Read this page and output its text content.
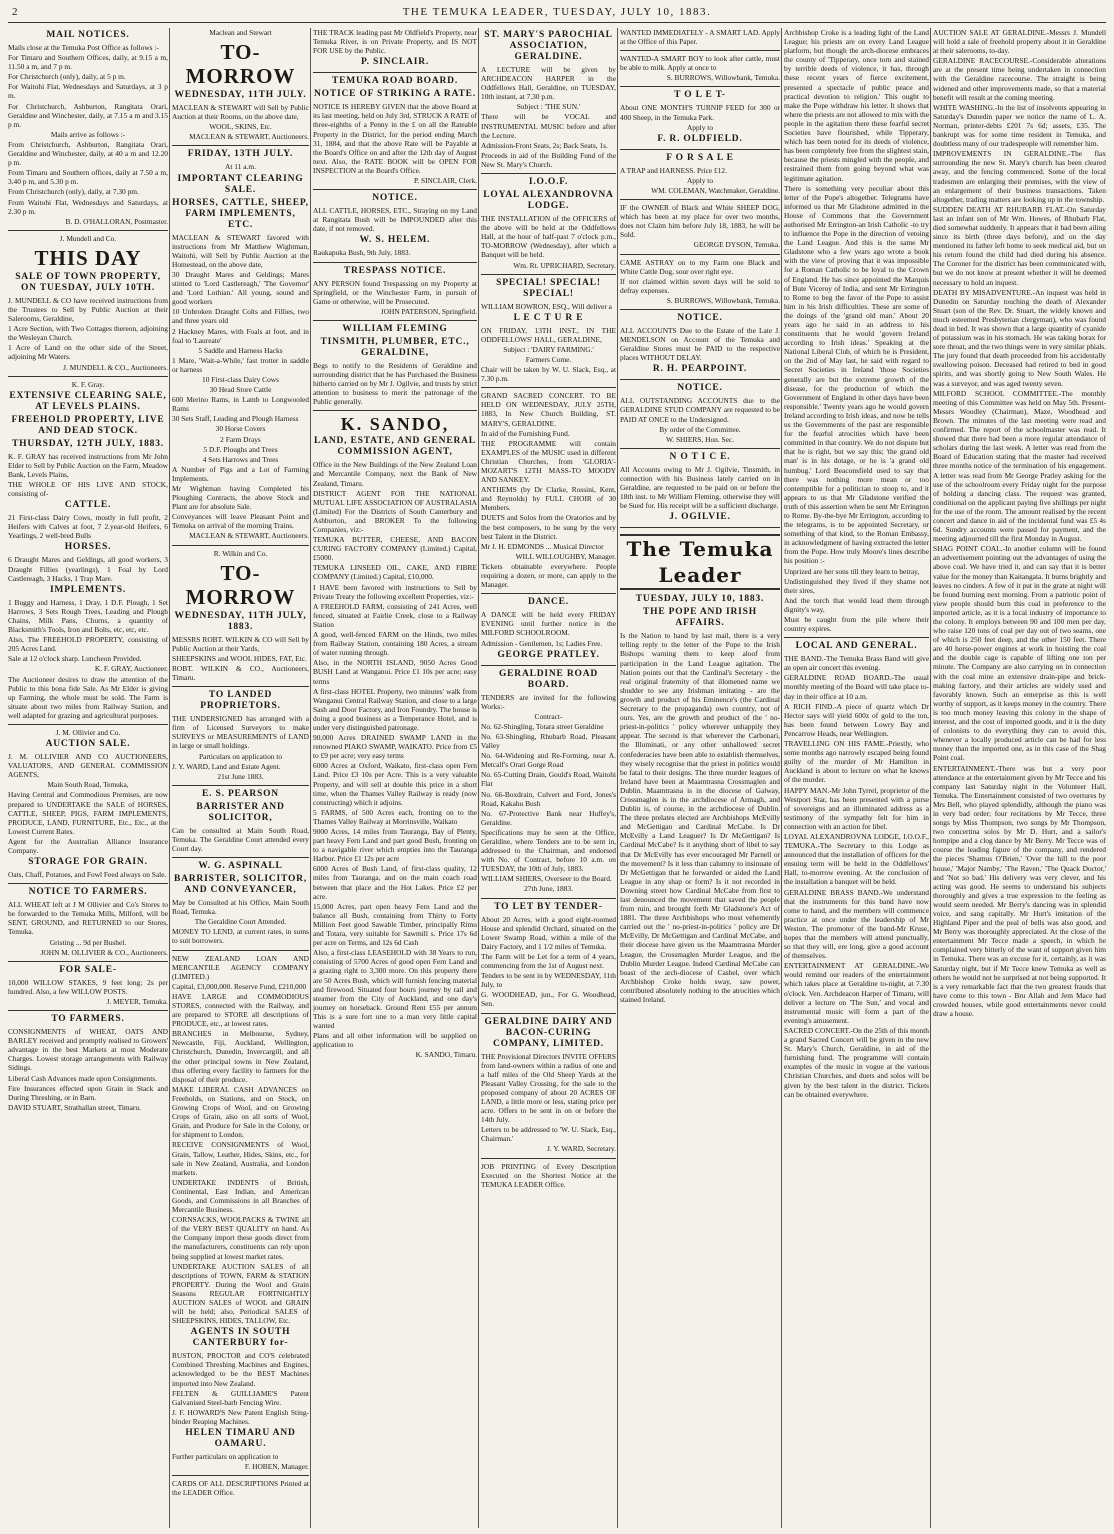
2	THE TEMUKA LEADER, TUESDAY, JULY 10, 1883.

MAIL NOTICES.

Mails close at the Temuka Post Office as follows :-

For Timaru and Southern Offices, daily, at 9.15 a m, 11.50 a m, and 7 p m.

For Christchurch (only), daily, at 5 p m.

For Waitohi Flat, Wednesdays and Saturdays, at 3 p m.

For Christchurch, Ashburton, Rangitata Orari, Geraldine and Winchester, daily, at 7.15 a m and 3.15 p m.

Mails arrive as follows :-

From Christchurch, Ashburton, Rangitata Orari, Geraldine and Winchester, daily, at 40 a m and 12.20 p m.

From Timaru and Southern offices, daily at 7.50 a m, 3.40 p m, and 5.30 p m.

From Christchurch (only), daily, at 7.30 pm.

From Waitohi Flat, Wednesdays and Saturdays, at 2.30 p m.

B. D. O'HALLORAN, Postmaster.

J. Mundell and Co.

THIS DAY

SALE OF TOWN PROPERTY, ON TUESDAY, JULY 10TH.

J. MUNDELL & CO have received instructions from the Trustees to Sell by Public Auction at their Salerooms, Geraldine,

1 Acre Section, with Two Cottages thereon, adjoining the Wesleyan Church.

1 Acre of Land on the other side of the Street, adjoining Mr Waters.

J. MUNDELL & CO., Auctioneers.

K. F. Gray.

EXTENSIVE CLEARING SALE, AT LEVELS PLAINS.

FREEHOLD PROPERTY, LIVE AND DEAD STOCK.

THURSDAY, 12TH JULY, 1883.

K. F. GRAY has received instructions from Mr John Elder to Sell by Public Auction on the Farm, Meadow Bank, Levels Plains,

THE WHOLE OF HIS LIVE AND STOCK, consisting of-

CATTLE.

21 First-class Dairy Cows, mostly in full profit, 2 Heifers with Calves at foot, 7 2.year-old Heifers, 6 Yearlings, 2 well-bred Bulls

HORSES.

6 Draught Mares and Geldings, all good workers, 3 Draught Fillies (yearlings), 1 Foal by Lord Castlereagh, 3 Hacks, 1 Trap Mare.

IMPLEMENTS.

1 Buggy and Harness, 1 Dray, 1 D.F. Plough, 1 Set Harrows, 3 Sets Rough Trees, Leading and Plough Chains, Milk Pans, Churns, a quantity of Blacksmith's Tools, Iron and Bolts, etc, etc, etc.

Also, The FREEHOLD PROPERTY, consisting of 205 Acres Land.

Sale at 12 o'clock sharp. Luncheon Provided.

K. F. GRAY, Auctioneer.

The Auctioneer desires to draw the attention of the Public to this bona fide Sale. As Mr Elder is giving up Farming, the whole must be sold. The Farm is situate about two miles from Railway Station, and well adapted for grazing and agricultural purposes.

J. M. Ollivier and Co.

AUCTION SALE.

J. M. OLLIVIER AND CO AUCTIONEERS, VALUATORS, AND GENERAL COMMISSION AGENTS,

Main South Road, Temuka,

Having Central and Commodious Premises, are now prepared to UNDERTAKE the SALE of HORSES, CATTLE, SHEEP, PIGS, FARM IMPLEMENTS, PRODUCE, LAND, FURNITURE, Etc., Etc., at the Lowest Current Rates.

Agent for the Australian Alliance Insurance Company.

STORAGE FOR GRAIN.

Oats, Chaff, Potatoes, and Fowl Feed always on Sale.

NOTICE TO FARMERS.

ALL WHEAT left at J M Ollivier and Co's Stores to be forwarded to the Temuka Mills, Milford, will be SENT, GROUND, and RETURNED to our Stores, Temuka.

Gristing ... 9d per Bushel.

JOHN M. OLLIVIER & CO., Auctioneers.

FOR SALE-

10,000 WILLOW STAKES, 9 feet long; 2s per hundred. Also, a few WILLOW POSTS.

J. MEYER, Temuka.

TO FARMERS.

CONSIGNMENTS of WHEAT, OATS AND BARLEY received and promptly realised to Growers' advantage in the best Markets at most Moderate Charges. Lowest storage arrangements with Railway Sidings.

Liberal Cash Advances made upon Consignments.

Fire Insurances effected upon Grain in Stack and During Threshing, or in Barn.

DAVID STUART, Strathallan street, Timaru.

Maclean and Stewart

TO-MORROW

WEDNESDAY, 11TH JULY.

MACLEAN & STEWART will Sell by Public Auction at their Rooms, on the above date,

WOOL, SKINS, Etc.

MACLEAN & STEWART, Auctioneers.

FRIDAY, 13TH JULY.

At 11 a.m.

IMPORTANT CLEARING SALE.

HORSES, CATTLE, SHEEP, FARM IMPLEMENTS, ETC.

MACLEAN & STEWART favored with instructions from Mr Matthew Wightman, Waitohi, will Sell by Public Auction at the Homestead, on the above date,

30 Draught Mares and Geldings; Mares stinted to 'Lord Castlereagh,' 'The Governor' and 'Lord Lothian.' All young, sound and good workers

10 Unbroken Draught Colts and Fillies, two and three years old

2 Hackney Mares, with Foals at foot, and in foal to 'Laureate'

5 Saddle and Harness Hacks

1 Mare, 'Wait-a-While,' fast trotter in saddle or harness

10 First-class Dairy Cows

30 Head Store Cattle

600 Merino Rams, in Lamb to Longwooled Rams

30 Sets Staff, Leading and Plough Harness

30 Horse Covers

2 Farm Drays

5 D.F. Ploughs and Trees

4 Sets Harrows and Trees

A Number of Pigs and a Lot of Farming Implements.

Mr Wightman having Completed his Ploughing Contracts, the above Stock and Plant are for absolute Sale.

Conveyances will leave Pleasant Point and Temuka on arrival of the morning Trains.

MACLEAN & STEWART, Auctioneers.

R. Wilkin and Co.

TO-MORROW

WEDNESDAY, 11TH JULY, 1883.

MESSRS ROBT. WILKIN & CO will Sell by Public Auction at their Yards,

SHEEPSKINS and WOOL HIDES, FAT, Etc.

ROBT. WILKIN & CO., Auctioneers, Timaru.

TO LANDED PROPRIETORS.

THE UNDERSIGNED has arranged with a firm of Licensed Surveyors to make SURVEYS or MEASUREMENTS of LAND in large or small holdings.

Particulars on application to

J. Y. WARD, Land and Estate Agent.

21st June 1883.

E. S. PEARSON

BARRISTER AND SOLICITOR,

Can be consulted at Main South Road, Temuka. The Geraldine Court attended every Court day.

W. G. ASPINALL

BARRISTER, SOLICITOR, AND CONVEYANCER,

May be Consulted at his Office, Main South Road, Temuka.

The Geraldine Court Attended.

MONEY TO LEND, at current rates, in sums to suit borrowers.

NEW ZEALAND LOAN AND MERCANTILE AGENCY COMPANY (LIMITED.)

Capital, £3,000,000. Reserve Fund, £210,000

HAVE LARGE and COMMODIOUS STORES, connected with the Railway, and are prepared to STORE all descriptions of PRODUCE, etc., at lowest rates.

BRANCHES in Melbourne, Sydney, Newcastle, Fiji, Auckland, Wellington, Christchurch, Dunedin, Invercargill, and all the other principal towns in New Zealand, thus offering every facility to farmers for the disposal of their produce.

MAKE LIBERAL CASH ADVANCES on Freeholds, on Stations, and on Stock, on Growing Crops of Wool, and on Growing Crops of Grain, also on all sorts of Wool, Grain, and Produce for Sale in the Colony, or for shipment to London.

RECEIVE CONSIGNMENTS of Wool, Grain, Tallow, Leather, Hides, Skins, etc., for sale in New Zealand, Australia, and London markets.

UNDERTAKE INDENTS of British, Continental, East Indian, and American Goods, and Commissions in all Branches of Mercantile Business.

CORNSACKS, WOOLPACKS & TWINE all of the VERY BEST QUALITY on hand. As the Company import these goods direct from the manufacturers, constituents can rely upon being supplied at lowest market rates.

UNDERTAKE AUCTION SALES of all descriptions of TOWN, FARM & STATION PROPERTY. During the Wool and Grain Seasons REGULAR FORTNIGHTLY AUCTION SALES of WOOL and GRAIN will be held; also, Periodical SALES of SHEEPSKINS, HIDES, TALLOW, Etc.

AGENTS IN SOUTH CANTERBURY for-

RUSTON, PROCTOR and CO'S celebrated Combined Threshing Machines and Engines, acknowledged to be the BEST Machines imported into New Zealand.

FELTEN & GUILLIAME'S Patent Galvanised Steel-barb Fencing Wire.

J. F. HOWARD'S New Patent English Sting-binder Reaping Machines.

HELEN TIMARU AND OAMARU.

Further particulars on application to

F. HOBEN, Manager.

CARDS OF ALL DESCRIPTIONS Printed at the LEADER Office.

THE TRACK leading past Mr Oldfield's Property, near Temuka River, is on Private Property, and IS NOT FOR USE by the Public.

P. SINCLAIR.

TEMUKA ROAD BOARD.

NOTICE OF STRIKING A RATE.

NOTICE IS HEREBY GIVEN that the above Board at its last meeting, held on July 3rd, STRUCK A RATE of three-eighths of a Penny in the £ on all the Rateable Property in the District, for the period ending March 31, 1884, and that the above Rate will be Payable at the Board's Office on and after the 12th day of August next. Also, the RATE BOOK will be OPEN FOR INSPECTION at the Board's Office.

P. SINCLAIR, Clerk.

NOTICE.

ALL CATTLE, HORSES, ETC., Straying on my Land at Rangitata Bush will be IMPOUNDED after this date, if not removed.

W. S. HELEM.

Raukapuka Bush, 9th July, 1883.

TRESPASS NOTICE.

ANY PERSON found Trespassing on my Property at Springfield, or the Winchester Farm, in pursuit of Game or otherwise, will be Prosecuted.

JOHN PATERSON, Springfield.

WILLIAM FLEMING

TINSMITH, PLUMBER, ETC., GERALDINE,

Begs to notify to the Residents of Geraldine and surrounding district that he has Purchased the Business hitherto carried on by Mr J. Ogilvie, and trusts by strict attention to business to merit the patronage of the Public generally.

K. SANDO,

LAND, ESTATE, AND GENERAL COMMISSION AGENT,

Office in the New Buildings of the New Zealand Loan and Mercantile Company, next the Bank of New Zealand, Timaru.

DISTRICT AGENT FOR THE NATIONAL MUTUAL LIFE ASSOCIATION OF AUSTRALASIA (Limited) For the Districts of South Canterbury and Ashburton, and BROKER To the following Companies, viz:-

TEMUKA BUTTER, CHEESE, AND BACON CURING FACTORY COMPANY (Limited.) Capital, £5000.

TEMUKA LINSEED OIL, CAKE, AND FIBRE COMPANY (Limited.) Capital, £10,000.

I HAVE been favored with instructions to Sell by Private Treaty the following excellent Properties, viz:-

A FREEHOLD FARM, consisting of 241 Acres, well fenced, situated at Fairlie Creek, close to a Railway Station

A good, well-fenced FARM on the Hinds, two miles from Railway Station, containing 180 Acres, a stream of water running through.

Also, in the NORTH ISLAND, 9050 Acres Good BUSH Land at Wanganui. Price £1 10s per acre; easy terms

A first-class HOTEL Property, two minutes' walk from Wanganui Central Railway Station, and close to a large Sash and Door Factory, and Iron Foundry. The house is doing a good business as a Temperance Hotel, and is under very distinguished patronage.

90,000 Acres DRAINED SWAMP LAND in the renowned PIAKO SWAMP, WAIKATO. Price from £5 to £9 per acre; very easy terms

6000 Acres at Oxford, Waikato, first-class open Fern Land. Price £3 10s per Acre. This is a very valuable Property, and will sell at double this price in a short time, when the Thames Valley Railway is ready (now constructing) which it adjoins.

5 FARMS, of 500 Acres each, fronting on to the Thames Valley Railway at Morrinsville, Waikato

9000 Acres, 14 miles from Tauranga, Bay of Plenty, part heavy Fern Land and part good Bush, fronting on to a navigable river which empties into the Tauranga Harbor. Price £1 12s per acre

6000 Acres of Bush Land, of first-class quality, 12 miles from Tauranga, and on the main coach road between that place and the Hot Lakes. Price £2 per acre.

15,000 Acres, part open heavy Fern Land and the balance all Bush, containing from Thirty to Forty Million Feet good Sawable Timber, principally Rimu and Totara, very suitable for Sawmill s. Price 17s 6d per acre on Terms, and 12s 6d Cash

Also, a first-class LEASEHOLD with 38 Years to run, consisting of 5700 Acres of good open Fern Land and a grazing right to 3,300 more. On this property there are 50 Acres Bush, which will furnish fencing material and firewood. Situated four hours journey by rail and steamer from the City of Auckland, and one day's journey on horseback. Ground Rent £55 per annum This is a sure fort une to a man very little capital wanted

Plans and all other information will be supplied on application to

K. SANDO, Timaru.

ST. MARY'S PAROCHIAL ASSOCIATION, GERALDINE.

A LECTURE will be given by ARCHDEACON HARPER in the Oddfellows Hall, Geraldine, on TUESDAY, 10th instant, at 7.30 p.m.

Subject : 'THE SUN.'

There will be VOCAL and INSTRUMENTAL MUSIC before and after the Lecture.

Admission-Front Seats, 2s; Back Seats, 1s.

Proceeds in aid of the Building Fund of the New St. Mary's Church.

I.O.O.F.

LOYAL ALEXANDROVNA LODGE.

THE INSTALLATION of the OFFICERS of the above will be held at the Oddfellows Hall, at the hour of half-past 7 o'clock p.m., TO-MORROW (Wednesday), after which a Banquet will be held.

Wm. Rt. UPRICHARD, Secretary.

SPECIAL! SPECIAL! SPECIAL!

WILLIAM BOWRON, ESQ., Will deliver a

L E C T U R E

ON FRIDAY, 13TH INST., IN THE ODDFELLOWS' HALL, GERALDINE,

Subject : 'DAIRY FARMING.'

Farmers Come.

Chair will be taken by W. U. Slack, Esq., at 7.30 p.m.

GRAND SACRED CONCERT. TO BE HELD ON WEDNESDAY, JULY 25TH, 1883, In New Church Building, ST. MARY'S, GERALDINE.

In aid of the Furnishing Fund.

THE PROGRAMME will contain EXAMPLES of the MUSIC used in different Christian Churches, from 'GLORIA'-MOZART'S 12TH MASS-TO MOODY AND SANKEY.

ANTHEMS (by Dr Clarke, Rossini, Kent, and Reynolds) by FULL CHOIR of 30 Members.

DUETS and Solos from the Oratorios and by the best composers, to be sung by the very best Talent in the District.

Mr J. H. EDMONDS ... Musical Director

WILL WILLOUGHBY, Manager.

Tickets obtainable everywhere. People requiring a dozen, or more, can apply to the Manager.

DANCE.

A DANCE will be held every FRIDAY EVENING until further notice in the MILFORD SCHOOLROOM.

Admission - Gentlemen, 1s; Ladies Free.

GEORGE PRATLEY.

GERALDINE ROAD BOARD.

TENDERS are invited for the following Works:-

Contract-

No. 62-Shingling, Totara street Geraldine

No. 63-Shingling, Rhubarb Road, Pleasant Valley

No. 64-Widening and Re-Forming, near A. Metcalf's Orari Gorge Road

No. 65-Cutting Drain, Gould's Road, Waitohi Flat

No. 66-Boxdrain, Culvert and Ford, Jones's Road, Kakahu Bush

No. 67-Protective Bank near Huffey's, Geraldine.

Specifications may be seen at the Office, Geraldine, where Tenders are to be sent in, addressed to the Chairman, and endorsed with No. of Contract, before 10 a.m. on TUESDAY, the 10th of July, 1883.

WILLIAM SHIERS, Overseer to the Board.

27th June, 1883.

TO LET BY TENDER-

About 20 Acres, with a good eight-roomed House and splendid Orchard, situated on the Lower Swamp Road, within a mile of the Dairy Factory, and 1 1/2 miles of Temuka.

The Farm will be Let for a term of 4 years, commencing from the 1st of August next.

Tenders to be sent in by WEDNESDAY, 11th July, to

G. WOODHEAD, jun., For G. Woodhead, Sen.

GERALDINE DAIRY AND BACON-CURING COMPANY, LIMITED.

THE Provisional Directors INVITE OFFERS from land-owners within a radius of one and a half miles of the Old Sheep Yards at the Pleasant Valley Crossing, for the sale to the proposed company of about 20 ACRES OF LAND, a little more or less, stating price per acre. Offers to be sent in on or before the 14th July.

Letters to be addressed to 'W. U. Slack, Esq., Chairman.'

J. Y. WARD, Secretary.

JOB PRINTING of Every Description Executed on the Shortest Notice at the TEMUKA LEADER Office.

WANTED IMMEDIATELY - A SMART LAD. Apply at the Office of this Paper.

WANTED-A SMART BOY to look after cattle, must be able to milk. Apply at once to

S. BURROWS, Willowbank, Temuka.

T O L E T-

About ONE MONTH'S TURNIP FEED for 300 or 400 Sheep, in the Temuka Park.

Apply to

F. R. OLDFIELD.

F O R S A L E

A TRAP and HARNESS. Price £12.

Apply to

WM. COLEMAN, Watchmaker, Geraldine.

IF the OWNER of Black and White SHEEP DOG, which has been at my place for over two months, does not Claim him before July 18, 1883, he will be Sold.

GEORGE DYSON, Temuka.

CAME ASTRAY on to my Farm one Black and White Cattle Dog, sour over right eye.

If not claimed within seven days will be sold to defray expenses.

S. BURROWS, Willowbank, Temuka.

NOTICE.

ALL ACCOUNTS Due to the Estate of the Late J. MENDELSON on Account of the Temuka and Geraldine Stores must be PAID to the respective places WITHOUT DELAY.

R. H. PEARPOINT.

NOTICE.

ALL OUTSTANDING ACCOUNTS due to the GERALDINE STUD COMPANY are requested to be PAID AT ONCE to the Undersigned.

By order of the Committee.

W. SHIERS, Hon. Sec.

N O T I C E.

All Accounts owing to Mr J. Ogilvie, Tinsmith, in connection with his Business lately carried on in Geraldine, are requested to be paid on or before the 18th inst. to Mr William Fleming, otherwise they will be Sued for. His receipt will be a sufficient discharge.

J. OGILVIE.

The Temuka Leader

TUESDAY, JULY 10, 1883.

THE POPE AND IRISH AFFAIRS.

Is the Nation to hand by last mail, there is a very telling reply to the letter of the Pope to the Irish Bishops warning them to keep aloof from participation in the Land League agitation. The Nation points out that the Cardinal's Secretary - the real original fraternity of that illomened name we shudder to see any Irishman imitating - are the growth and product of his Eminence's (the Cardinal Secretary to the propaganda) own country, not of ours. Yes, are the growth and product of the ' no-priest-in-politics ' policy wherever unhappily they appear. The second is that wherever the Carbonari, the Illuminati, or any other unhallowed secret confederacies have been able to establish themselves, they wisely recognise that the priest in politics would be fatal to their designs. The three murder leagues of Ireland have been at Maamtrasna Crossmaglen and Dublin. Maamtrasna is in the diocese of Galway, Crossmaglen is in the archdiocese of Armagh, and Dublin is, of course, in the archdiocese of Dublin. The three prelates elected are Archbishops McEvilly and McGettigan and Cardinal McCabe. Is Dr McEvilly a Land Leaguer? Is Dr McGettigan? Is Cardinal McCabe? Is it anything short of libel to say that Dr McEvilly has ever encouraged Mr Parnell or the movement? Is it less than calumny to insinuate of Dr McGettigan that he forwarded or aided the Land League in any shap or form? Is it not recorded in Downing street how Cardinal McCabe from first to last denounced the movement that saved the people from ruin, and brought forth Mr Gladstone's Act of 1881. The three Archbishops who most vehemently carried out the ' no-priest-in-politics ' policy are Dr McEvilly, Dr McGettigan and Cardinal McCabe, and their diocese have given us the Maamtrasna Murder League, the Crossmaglen Murder League, and the Dublin Murder League. Indeed Cardinal McCabe can boast of the arch-diocese of Cashel, over which Archbishop Croke holds sway, saw power, contributed absolutely nothing to the atrocities which stained Ireland.

Archbishop Croke is a leading light of the Land League; his priests are on every Land League platform, but though the arch-diocese embraces the county of 'Tipperary, once torn and stained by terrible deeds of violence, it has, through these recent years of fierce excitement, presented a spectacle of public peace and practical devotion to religion.' This ought to make the Pope withdraw his letter. It shows that where the priests are not allowed to mix with the people in the agitation there these fearful secret Societies have flourished, while Tipperary, which has been noted for its deeds of violence, has been completely free from the slightest stain, because the priests mingled with the people, and restrained them from going beyond what was legitimate agitation.

There is something very peculiar about this letter of the Pope's altogether. Telegrams have informed us that Mr Gladstone admitted in the House of Commons that the Government authorised Mr Errington-an Irish Catholic -to try to influence the Pope in the direction of vetoing the Land League. And this is the same Mr Gladstone who a few years ago wrote a book with the view of proving that it was impossible for a Roman Catholic to be loyal to the Crown of England. He has since appointed the Marquis of Bute Viceroy of India, and sent Mr Errington to Rome to beg the favor of the Pope to assist him in his Irish difficulties. These are some of the doings of the 'grand old man.' About 20 years ago he said in an address to his constituents that he would 'govern Ireland according to Irish ideas.' Speaking at the National Liberal Club, of which he is President, on the 2nd of May last, he said with regard to Secret Societies in Ireland 'those Societies generally are but the extreme growth of the disease, for the production of which the Government of England in other days have been responsible.' Twenty years ago he would govern Ireland according to Irish ideas, and now he tells us the Governments of the past are responsible for the fearful atrocities which have been committed in that country. We do not dispute but that he is right, but we say this; 'the grand old man' is in his dotage, or he is 'a grand old humbug.' Lord Beaconsfield used to say that there was nothing more mean or too contemptible for a politician to stoop to, and it appears to us that Mr Gladstone verified the truth of this assertion when he sent Mr Errington to Rome. By-the-bye Mr Errington, according to the telegrams, is to be appointed Secretary, or something of that kind, to the Roman Embassy, in acknowledgment of having extracted the letter from the Pope. How truly Moore's lines describe his position :-

Unprized are her sons till they learn to betray,

Undistinguished they lived if they shame not their sires,

And the torch that would lead them through dignity's way,

Must be caught from the pile where their country expires.

LOCAL AND GENERAL.

THE BAND.-The Temuka Brass Band will give an open air concert this evening.

GERALDINE ROAD BOARD.-The usual monthly meeting of the Board will take place to-day in their office at 10 a.m.

A RICH FIND.-A piece of quartz which Dr Hector says will yield 600z of gold to the ton, has been found between Lowry Bay and Pencarrow Heads, near Wellington.

TRAVELLING ON HIS FAME.-Priestly, who some months ago narrowly escaped being found guilty of the murder of Mr Hamilton in Auckland is about to lecture on what he knows of the murder.

HAPPY MAN.-Mr John Tyrrel, proprietor of the Westport Star, has been presented with a purse of sovereigns and an illuminated address as a testimony of the sympathy felt for him in connection with an action for libel.

LOYAL ALEXANDROVNA LODGE, I.O.O.F., TEMUKA.-The Secretary to this Lodge as announced that the installation of officers for the ensuing term will be held in the Oddfellows' Hall, to-morrow evening. At the conclusion of the installation a banquet will be held.

GERALDINE BRASS BAND.-We understand that the instruments for this band have now come to hand, and the members will commence practice at once under the leadership of Mr Weston. The promoter of the band-Mr Kruse, hopes that the members will attend punctually, so that they will, ere long, give a good account of themselves.

ENTERTAINMENT AT GERALDINE.-We would remind our readers of the entertainment which takes place at Geraldine to-night, at 7.30 o'clock. Ven. Archdeacon Harper of Timaru, will deliver a lecture on 'The Sun,' and vocal and instrumental music will form a part of the evening's amusement.

SACRED CONCERT.-On the 25th of this month a grand Sacred Concert will be given in the new St. Mary's Church, Geraldine, in aid of the furnishing fund. The programme will contain examples of the music in vogue at the various Christian Churches, and duets and solos will be given by the best talent in the district. Tickets can be obtained everywhere.

AUCTION SALE AT GERALDINE.-Messrs J. Mundell will hold a sale of freehold property about it in Geraldine at their salerooms, to-day.

GERALDINE RACECOURSE.-Considerable alterations are at the present time being undertaken in connection with the Geraldine racecourse. The straight is being widened and other improvements made, so that a material benefit will result at the coming meeting.

WHITE WASHING.-In the list of insolvents appearing in Saturday's Dunedin paper we notice the name of L. A. Norman, printer-debts £201 7s 6d; assets, £35. The bankrupt was for some time resident in Temuka, and doubtless many of our tradespeople will remember him.

IMPROVEMENTS IN GERALDINE.-The flax surrounding the new St. Mary's church has been cleared away, and the fencing commenced. Some of the local tradesmen are enlarging their premises, with the view of an enlargement of their business transactions. Taken altogether, trading matters are looking up in the township.

SUDDEN DEATH AT RHUBARB FLAT.-On Saturday last an infant son of Mr Wm. Howes, of Rhubarb Flat, died somewhat suddenly. It appears that it had been ailing since its birth (three days before), and on the day mentioned its father left home to seek medical aid, but on his return found the child had died during his absence. The Coroner for the district has been communicated with, but we do not know at present whether it will be deemed necessary to hold an inquest.

DEATH BY MISADVENTURE.-An inquest was held in Dunedin on Saturday touching the death of Alexander Stuart (son of the Rev. Dr. Stuart, the widely known and much esteemed Presbyterian clergyman), who was found dead in bed. It was shown that a large quantity of cyanide of potassium was in his stomach. He was taking borax for sore throat, and the two things were in very similar phials. The jury found that death proceeded from his accidentally swallowing poison. Deceased had retired to bed in good spirits, and was shortly going to New South Wales. He was a surveyor, and was aged twenty seven.

MILFORD SCHOOL COMMITTEE.-The monthly meeting of this Committee was held on May 5th. Present-Messrs Woodley (Chairman), Maze, Woodhead and Brown. The minutes of the last meeting were read and confirmed. The report of the schoolmaster was read. It showed that there had been a more regular attendance of scholars during the last week. A letter was read from the Board of Education stating that the master had received three months notice of the termination of his engagement. A letter was read from Mr George Pratley asking for the use of the schoolroom every Friday night for the purpose of holding a dancing class. The request was granted, conditional on the applicant paying five shillings per night for the use of the room. The amount realised by the recent concert and dance in aid of the incidental fund was £5 4s 6d. Sundry accounts were passed for payment, and the meeting adjourned till the first Monday in August.

SHAG POINT COAL.-In another column will be found an advertisement pointing out the advantages of using the above coal. We have tried it, and can say that it is better value for the money than Kaitangata. It burns brightly and leaves no cinders. A few of it put in the grate at night will be found burning next morning. From a patriotic point of view people should burn this coal in preference to the imported article, as it is a local industry of importance to the colony. It employs between 90 and 100 men per day, who raise 120 tons of coal per day out of two seams, one of which is 250 feet deep, and the other 150 feet. There are 40 horse-power engines at work in hoisting the coal and the double cage is capable of lifting one ton per minute. The Company are also carrying on in connection with the coal mine an extensive drain-pipe and brick-making factory, and their articles are widely used and favorably known. Such an enterprise as this is well worthy of support, as it keeps money in the country. There is too much money leaving this colony in the shape of interest, and the cost of imported goods, and it is the duty of colonists to do everything they can to avoid this, whenever a locally produced article can be had for less money than the imported one, as in this case of the Shag Point coal.

ENTERTAINMENT.-There was but a very poor attendance at the entertainment given by Mr Tecce and his company last Saturday night in the Volunteer Hall, Temuka. The Entertainment consisted of two overtures by Mrs Bell, who played splendidly, although the piano was in very bad order; four recitations by Mr Tecce, three songs by Miss Thompson, two songs by Mr Thompson, two concertina solos by Mr D. Hurt, and a sailor's hornpipe and a clog dance by Mr Berry. Mr Tecce was of course the leading figure of the company, and rendered the pieces 'Shamus O'Brien,' 'Over the hill to the poor house,' 'Major Namby,' 'The Raven,' 'The Quack Doctor,' and 'Not so bad.' His delivery was very clever, and his acting was good. He seems to understand his subjects thoroughly and gives a true expression to the feeling as would seem needed. Mr Berry's dancing was in splendid voice, and sang capitally. Mr Hurt's imitation of the Highland Piper and the peal of bells was also good, and Mr Berry was thoroughly appreciated. At the close of the entertainment Mr Tecce made a speech, in which he complained very bitterly of the want of support given him in Temuka. There was an excuse for it, certainly, as it was Saturday night, but if Mr Tecce knew Temuka as well as others he would not be surprised at not being supported. It is a very remarkable fact that the two greatest frauds that have come to this town - Bru Allah and Jem Mace had crowded houses, while good entertainments never could draw a house.
